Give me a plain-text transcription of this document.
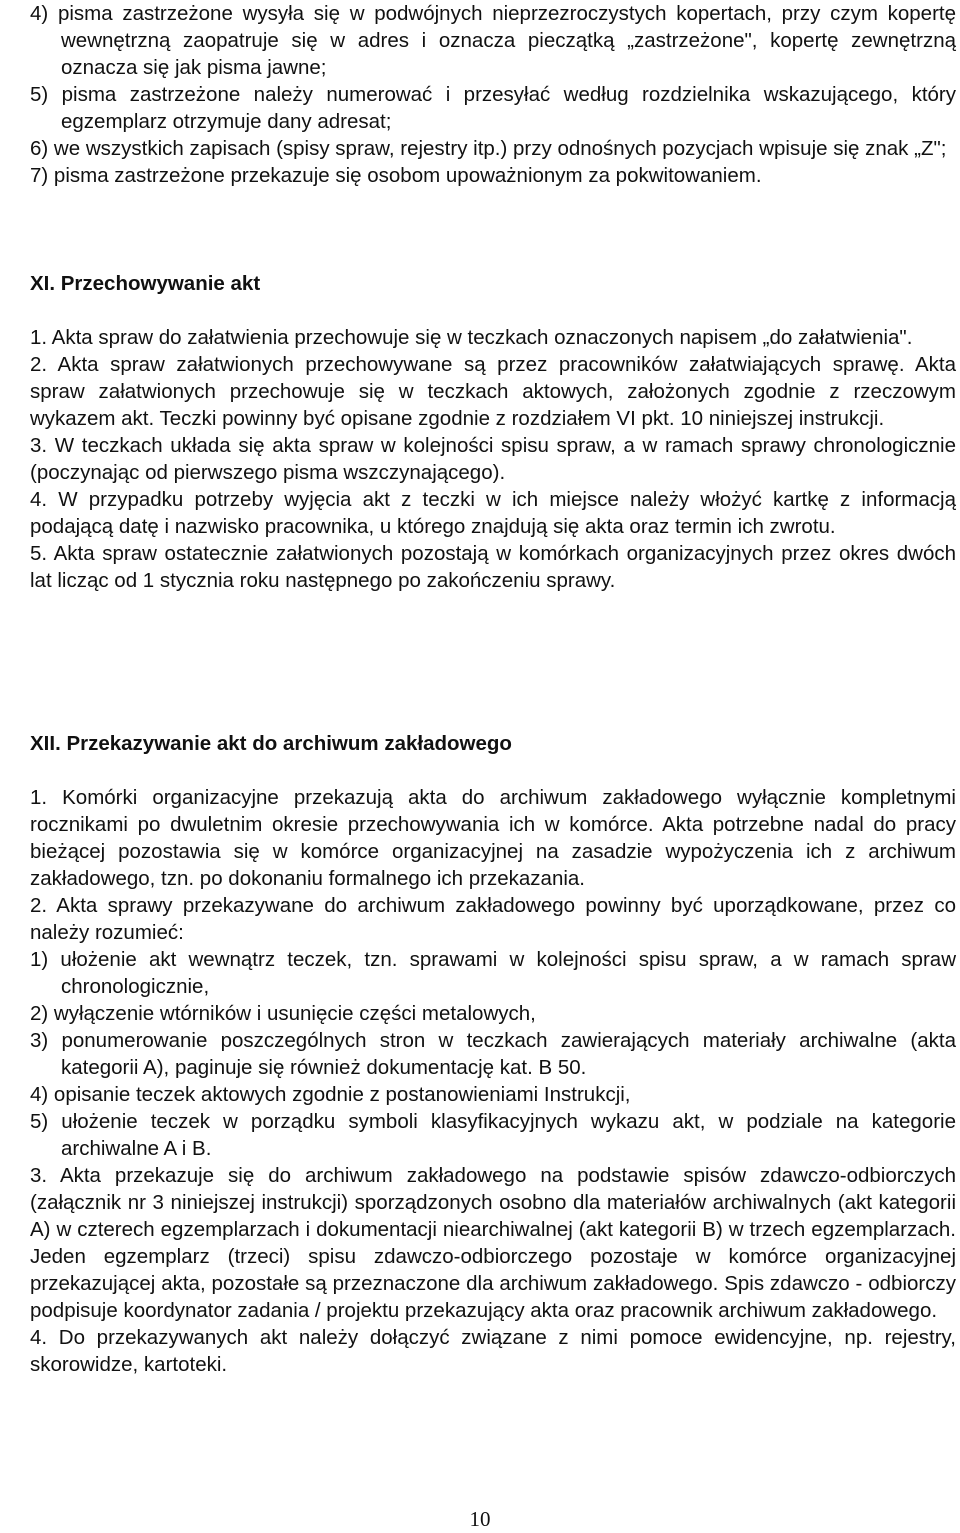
4) pisma zastrzeżone wysyła się w podwójnych nieprzezroczystych kopertach, przy czym kopertę wewnętrzną zaopatruje się w adres i oznacza pieczątką „zastrzeżone", kopertę zewnętrzną oznacza się jak pisma jawne;

5) pisma zastrzeżone należy numerować i przesyłać według rozdzielnika wskazującego, który egzemplarz otrzymuje dany adresat;

6) we wszystkich zapisach (spisy spraw, rejestry itp.) przy odnośnych pozycjach wpisuje się znak „Z";

7) pisma zastrzeżone przekazuje się osobom upoważnionym za pokwitowaniem.

XI. Przechowywanie akt

1. Akta spraw do załatwienia przechowuje się w teczkach oznaczonych napisem „do załatwienia".

2. Akta spraw załatwionych przechowywane są przez pracowników załatwiających sprawę. Akta spraw załatwionych przechowuje się w teczkach aktowych, założonych zgodnie z rzeczowym wykazem akt. Teczki powinny być opisane zgodnie z rozdziałem VI pkt. 10 niniejszej instrukcji.

3. W teczkach układa się akta spraw w kolejności spisu spraw, a w ramach sprawy chronologicznie (poczynając od pierwszego pisma wszczynającego).

4. W przypadku potrzeby wyjęcia akt z teczki w ich miejsce należy włożyć kartkę z informacją podającą datę i nazwisko pracownika, u którego znajdują się akta oraz termin ich zwrotu.

5. Akta spraw ostatecznie załatwionych pozostają w komórkach organizacyjnych przez okres dwóch lat licząc od 1 stycznia roku następnego po zakończeniu sprawy.

XII. Przekazywanie akt do archiwum zakładowego

1. Komórki organizacyjne przekazują akta do archiwum zakładowego wyłącznie kompletnymi rocznikami po dwuletnim okresie przechowywania ich w komórce. Akta potrzebne nadal do pracy bieżącej pozostawia się w komórce organizacyjnej na zasadzie wypożyczenia ich z archiwum zakładowego, tzn. po dokonaniu formalnego ich przekazania.

2. Akta sprawy przekazywane do archiwum zakładowego powinny być uporządkowane, przez co należy rozumieć:

1) ułożenie akt wewnątrz teczek, tzn. sprawami w kolejności spisu spraw, a w ramach spraw chronologicznie,

2) wyłączenie wtórników i usunięcie części metalowych,

3) ponumerowanie poszczególnych stron w teczkach zawierających materiały archiwalne (akta kategorii A), paginuje się również dokumentację kat. B 50.

4) opisanie teczek aktowych zgodnie z postanowieniami Instrukcji,

5) ułożenie teczek w porządku symboli klasyfikacyjnych wykazu akt, w podziale na kategorie archiwalne A i B.

3. Akta przekazuje się do archiwum zakładowego na podstawie spisów zdawczo-odbiorczych (załącznik nr 3 niniejszej instrukcji) sporządzonych osobno dla materiałów archiwalnych (akt kategorii A) w czterech egzemplarzach i dokumentacji niearchiwalnej (akt kategorii B) w trzech egzemplarzach. Jeden egzemplarz (trzeci) spisu zdawczo-odbiorczego pozostaje w komórce organizacyjnej przekazującej akta, pozostałe są przeznaczone dla archiwum zakładowego. Spis zdawczo - odbiorczy podpisuje koordynator zadania / projektu przekazujący akta oraz pracownik archiwum zakładowego.

4. Do przekazywanych akt należy dołączyć związane z nimi pomoce ewidencyjne, np. rejestry, skorowidze, kartoteki.

10
